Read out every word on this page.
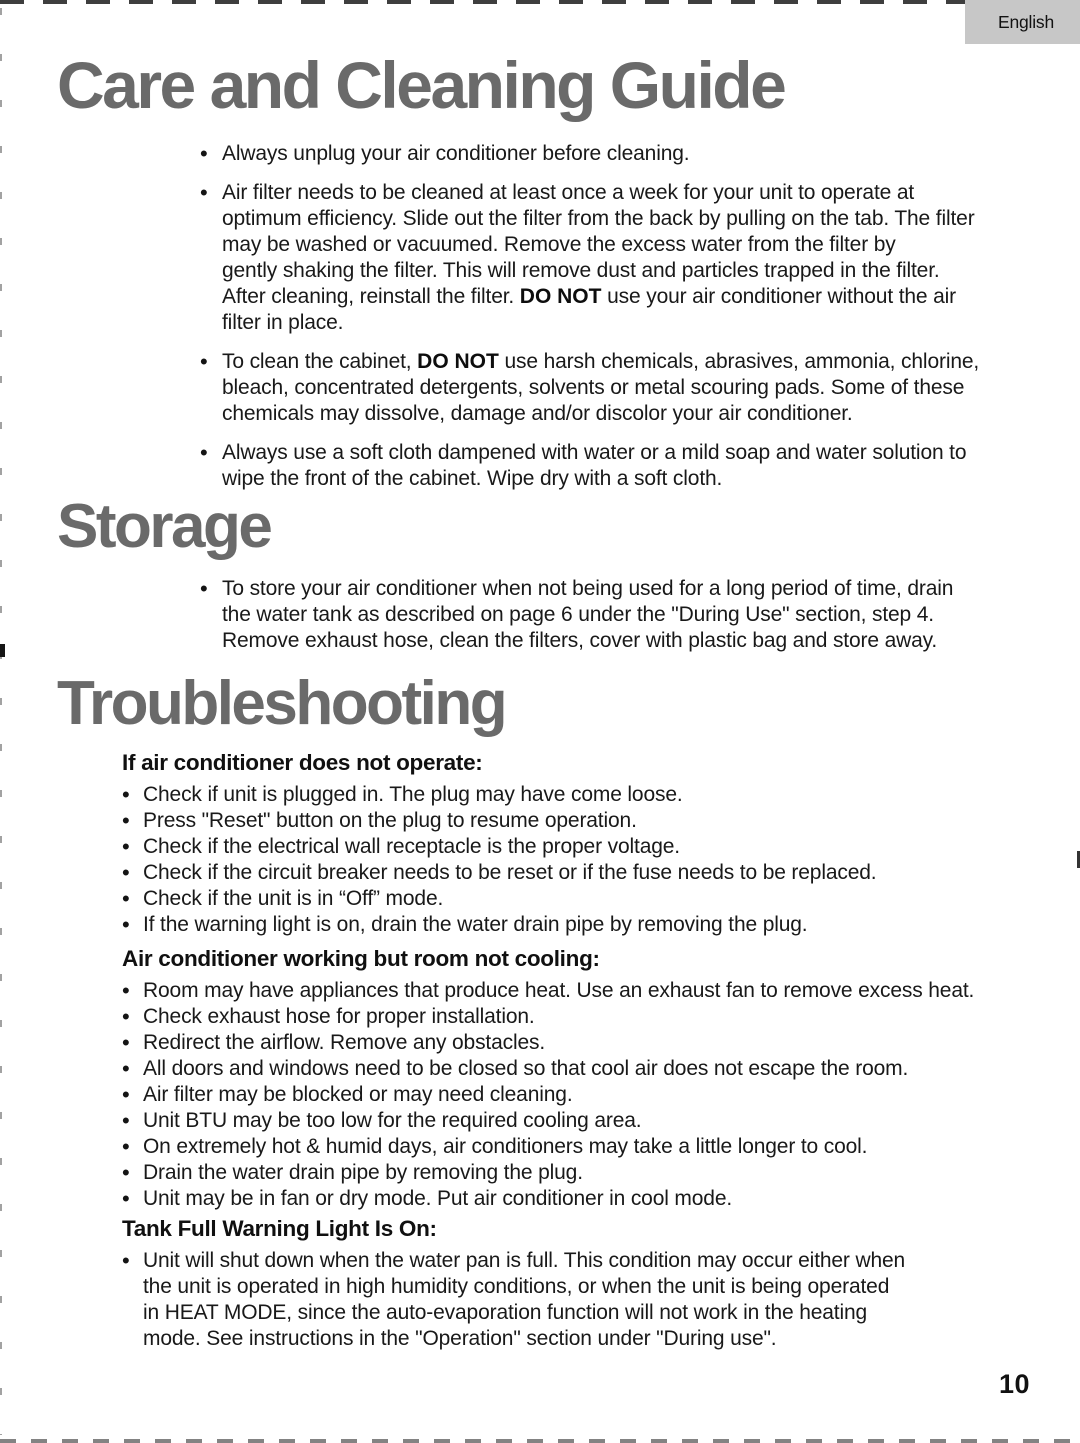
English
Care and Cleaning Guide
• Always unplug your air conditioner before cleaning.
• Air filter needs to be cleaned at least once a week for your unit to operate at
optimum efficiency. Slide out the filter from the back by pulling on the tab. The filter
may be washed or vacuumed. Remove the excess water from the filter by
gently shaking the filter. This will remove dust and particles trapped in the filter.
After cleaning, reinstall the filter. DO NOT use your air conditioner without the air
filter in place.
• To clean the cabinet, DO NOT use harsh chemicals, abrasives, ammonia, chlorine,
bleach, concentrated detergents, solvents or metal scouring pads. Some of these
chemicals may dissolve, damage and/or discolor your air conditioner.
• Always use a soft cloth dampened with water or a mild soap and water solution to
wipe the front of the cabinet. Wipe dry with a soft cloth.
Storage
• To store your air conditioner when not being used for a long period of time, drain
the water tank as described on page 6 under the "During Use" section, step 4.
Remove exhaust hose, clean the filters, cover with plastic bag and store away.
Troubleshooting
If air conditioner does not operate:
• Check if unit is plugged in. The plug may have come loose.
• Press "Reset" button on the plug to resume operation.
• Check if the electrical wall receptacle is the proper voltage.
• Check if the circuit breaker needs to be reset or if the fuse needs to be replaced.
• Check if the unit is in “Off” mode.
• If the warning light is on, drain the water drain pipe by removing the plug.
Air conditioner working but room not cooling:
• Room may have appliances that produce heat. Use an exhaust fan to remove excess heat.
• Check exhaust hose for proper installation.
• Redirect the airflow. Remove any obstacles.
• All doors and windows need to be closed so that cool air does not escape the room.
• Air filter may be blocked or may need cleaning.
• Unit BTU may be too low for the required cooling area.
• On extremely hot & humid days, air conditioners may take a little longer to cool.
• Drain the water drain pipe by removing the plug.
• Unit may be in fan or dry mode. Put air conditioner in cool mode.
Tank Full Warning Light Is On:
• Unit will shut down when the water pan is full. This condition may occur either when
the unit is operated in high humidity conditions, or when the unit is being operated
in HEAT MODE, since the auto-evaporation function will not work in the heating
mode. See instructions in the "Operation" section under "During use".
10
